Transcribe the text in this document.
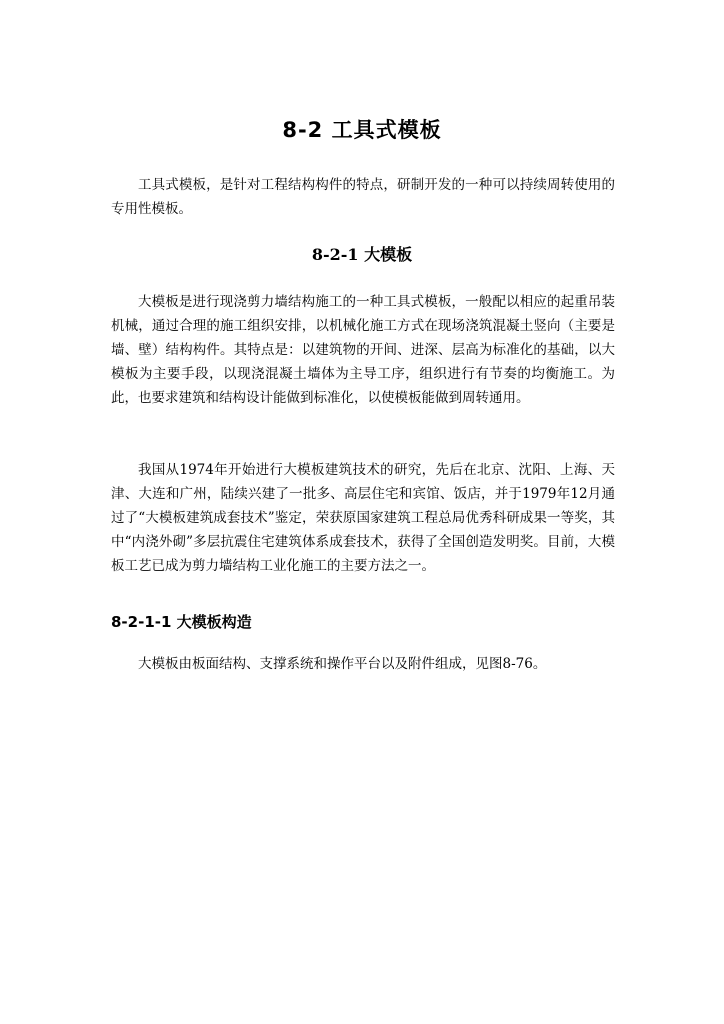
8-2 工具式模板

工具式模板，是针对工程结构构件的特点，研制开发的一种可以持续周转使用的专用性模板。

8-2-1 大模板

大模板是进行现浇剪力墙结构施工的一种工具式模板，一般配以相应的起重吊装机械，通过合理的施工组织安排，以机械化施工方式在现场浇筑混凝土竖向（主要是墙、壁）结构构件。其特点是：以建筑物的开间、进深、层高为标准化的基础，以大模板为主要手段，以现浇混凝土墙体为主导工序，组织进行有节奏的均衡施工。为此，也要求建筑和结构设计能做到标准化，以使模板能做到周转通用。

我国从1974年开始进行大模板建筑技术的研究，先后在北京、沈阳、上海、天津、大连和广州，陆续兴建了一批多、高层住宅和宾馆、饭店，并于1979年12月通过了“大模板建筑成套技术”鉴定，荣获原国家建筑工程总局优秀科研成果一等奖，其中“内浇外砌”多层抗震住宅建筑体系成套技术，获得了全国创造发明奖。目前，大模板工艺已成为剪力墙结构工业化施工的主要方法之一。

8-2-1-1 大模板构造

大模板由板面结构、支撑系统和操作平台以及附件组成，见图8-76。
